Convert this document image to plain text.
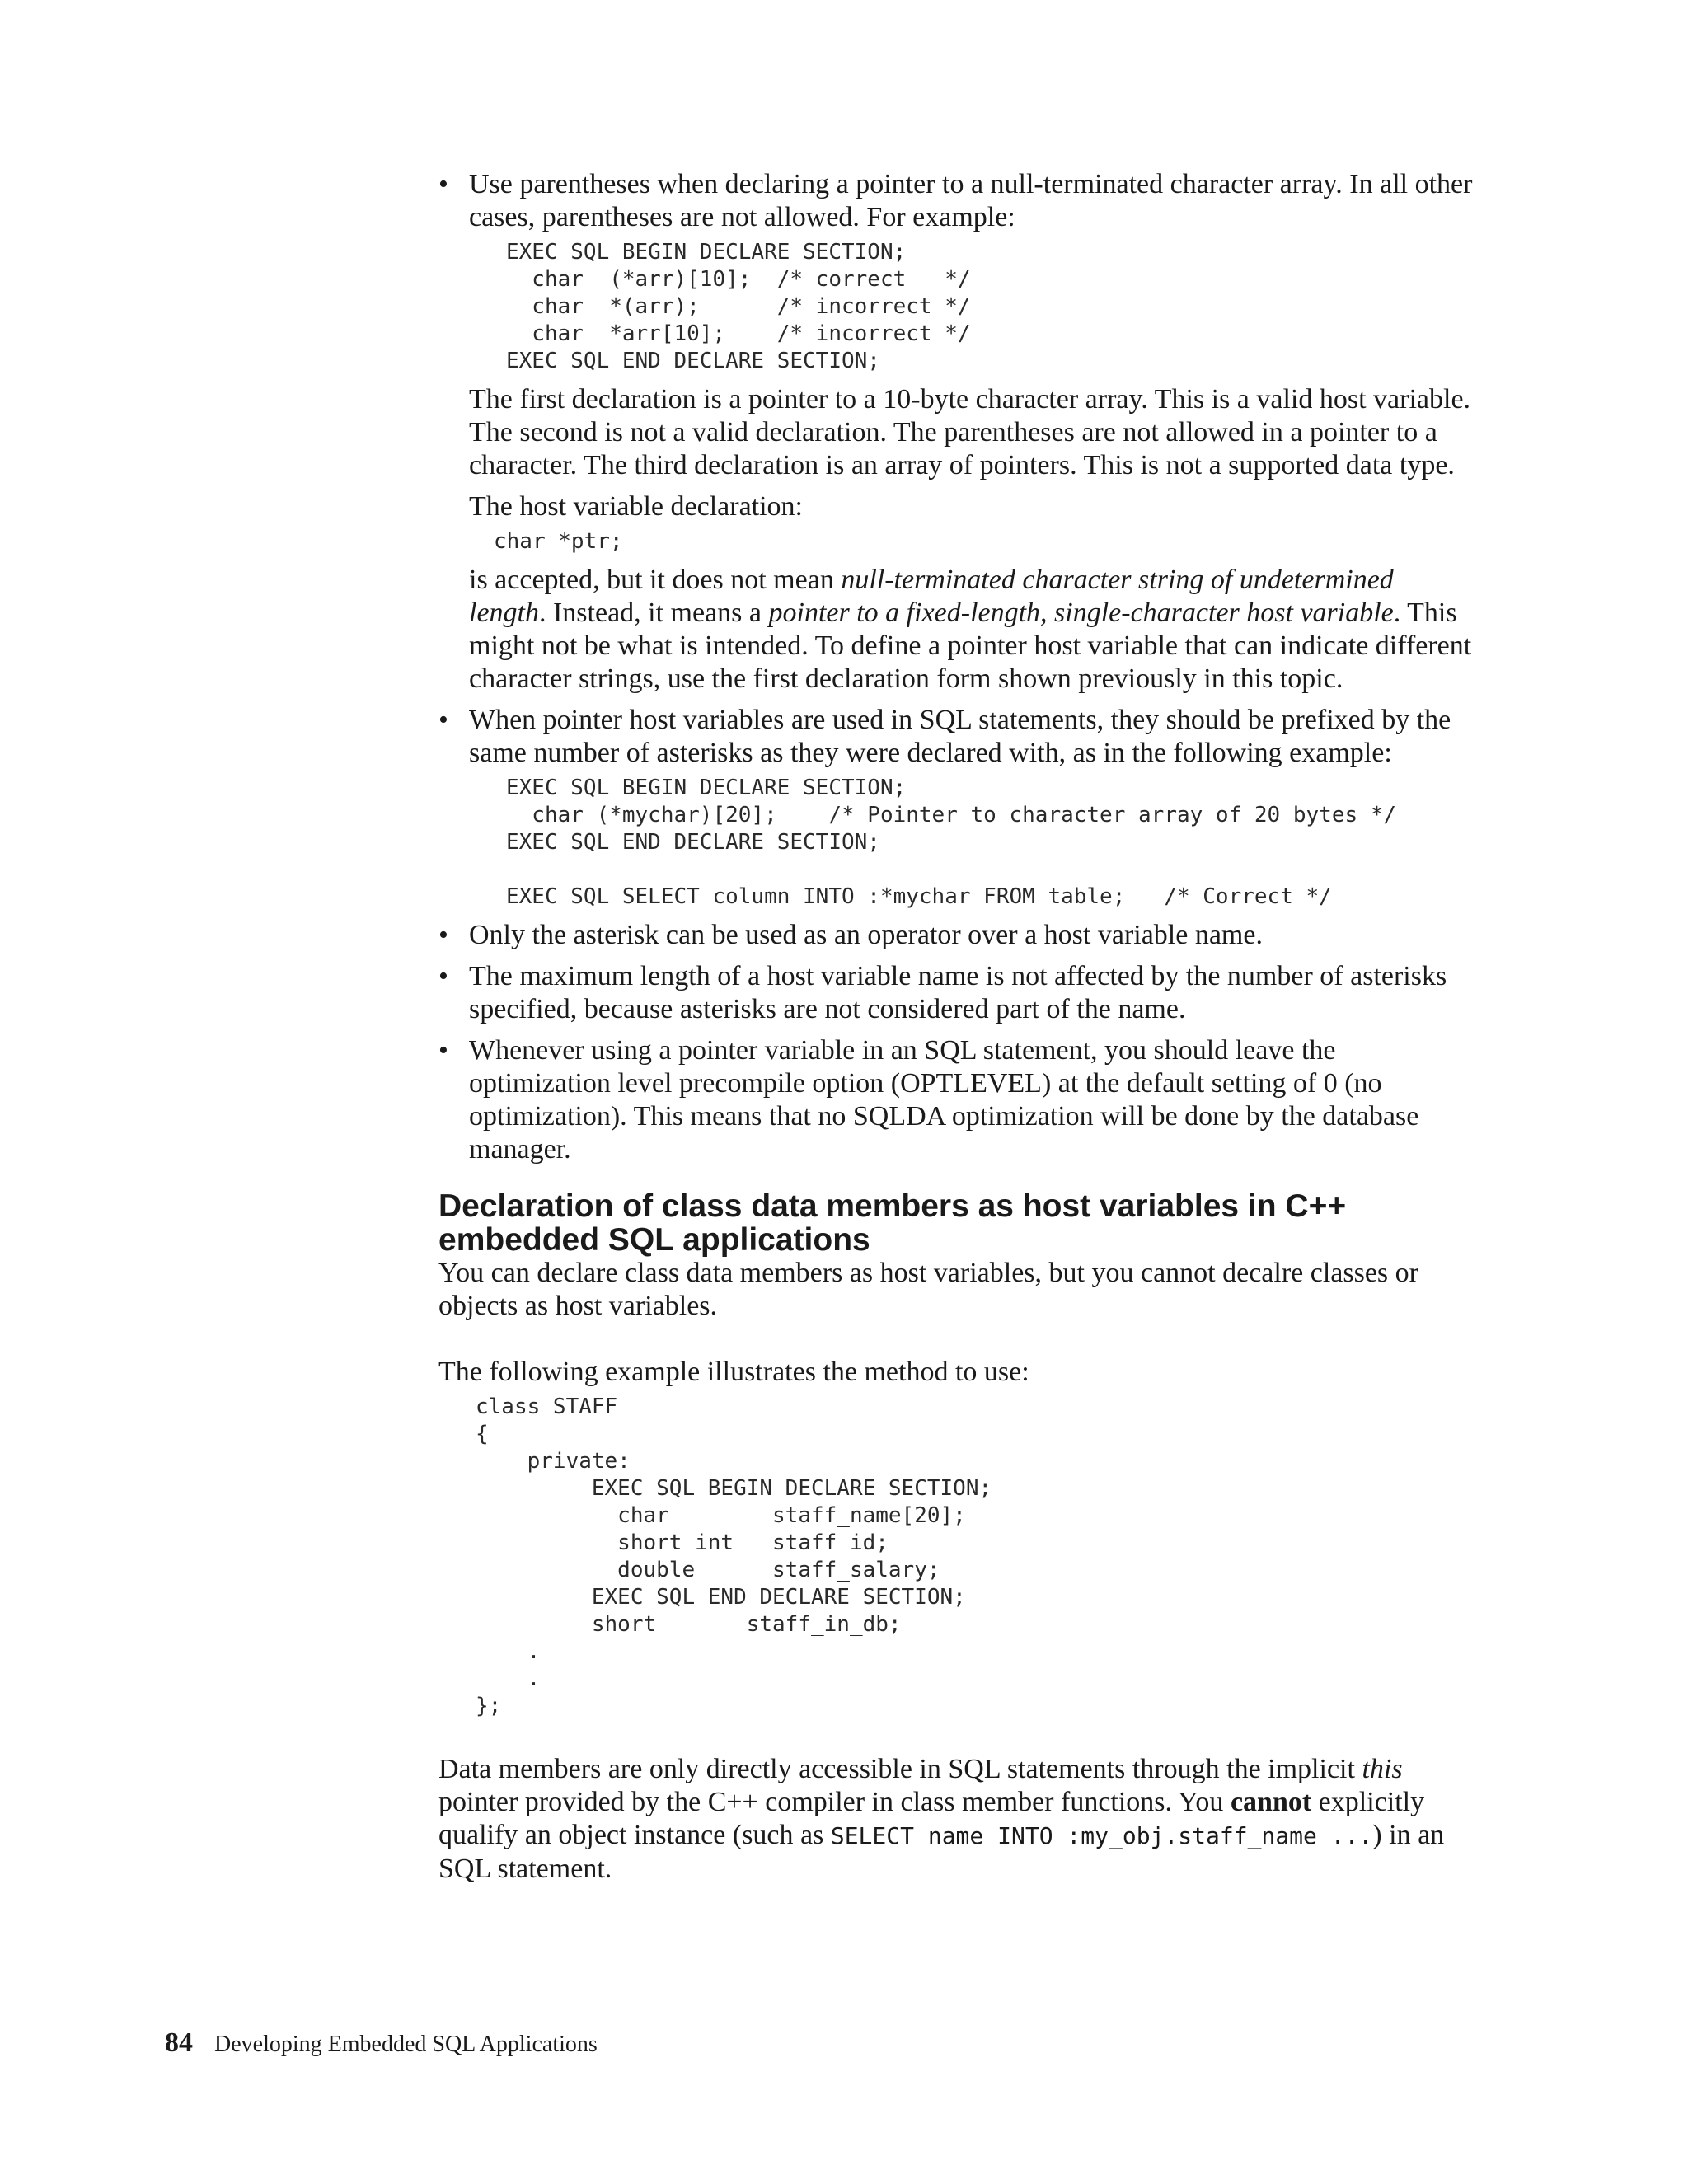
• Use parentheses when declaring a pointer to a null-terminated character array. In all other cases, parentheses are not allowed. For example:

EXEC SQL BEGIN DECLARE SECTION;
char  (*arr)[10];  /* correct   */
char  *(arr);      /* incorrect */
char  *arr[10];    /* incorrect */
EXEC SQL END DECLARE SECTION;

The first declaration is a pointer to a 10-byte character array. This is a valid host variable. The second is not a valid declaration. The parentheses are not allowed in a pointer to a character. The third declaration is an array of pointers. This is not a supported data type.

The host variable declaration:

char *ptr;

is accepted, but it does not mean null-terminated character string of undetermined length. Instead, it means a pointer to a fixed-length, single-character host variable. This might not be what is intended. To define a pointer host variable that can indicate different character strings, use the first declaration form shown previously in this topic.

• When pointer host variables are used in SQL statements, they should be prefixed by the same number of asterisks as they were declared with, as in the following example:

EXEC SQL BEGIN DECLARE SECTION;
char (*mychar)[20];    /* Pointer to character array of 20 bytes */
EXEC SQL END DECLARE SECTION;

EXEC SQL SELECT column INTO :*mychar FROM table;   /* Correct */
• Only the asterisk can be used as an operator over a host variable name.

• The maximum length of a host variable name is not affected by the number of asterisks specified, because asterisks are not considered part of the name.

• Whenever using a pointer variable in an SQL statement, you should leave the optimization level precompile option (OPTLEVEL) at the default setting of 0 (no optimization). This means that no SQLDA optimization will be done by the database manager.

Declaration of class data members as host variables in C++ embedded SQL applications

You can declare class data members as host variables, but you cannot decalre classes or objects as host variables.

The following example illustrates the method to use:

class STAFF
{
private:
EXEC SQL BEGIN DECLARE SECTION;
char        staff_name[20];
short int   staff_id;
double      staff_salary;
EXEC SQL END DECLARE SECTION;
short       staff_in_db;
.
.
};

Data members are only directly accessible in SQL statements through the implicit this pointer provided by the C++ compiler in class member functions. You cannot explicitly qualify an object instance (such as SELECT name INTO :my_obj.staff_name ...) in an SQL statement.

84 Developing Embedded SQL Applications
